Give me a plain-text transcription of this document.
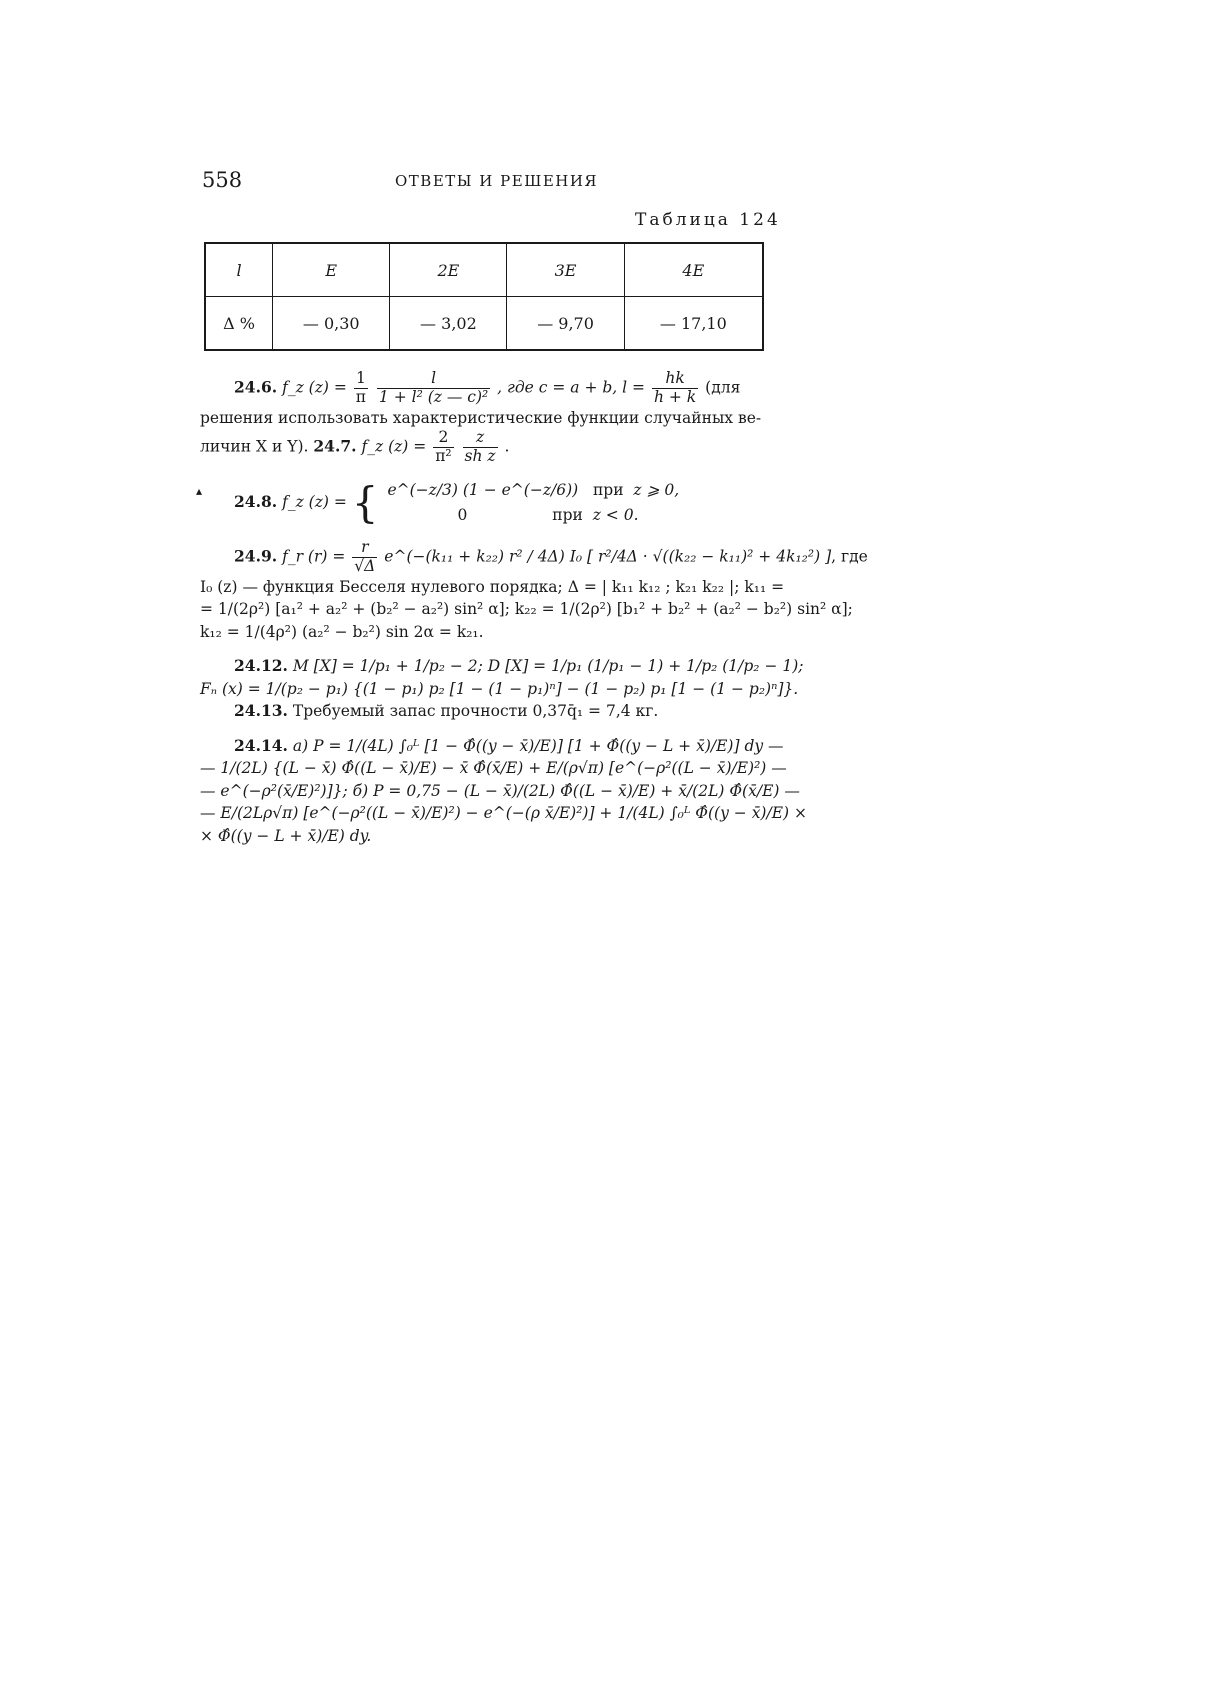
558	ОТВЕТЫ И РЕШЕНИЯ
Таблица 124
l	E	2E	3E	4E
Δ %	— 0,30	— 3,02	— 9,70	— 17,10
▴
24.6. f_z $(z) = \frac{1}{\pi}$
$\frac{l}{\text{1 + l² (z — c)²}}$ , где c = a + b, $l = \frac{hk}{h + k} (для$
решения использовать характеристические функции случайных ве-
личин X и Y). 24.7. f_z $(z) = \frac{2}{\text{π²}}$
$\frac{z}{\text{sh z}}$ .
24.8. f_z (z) = { e^(−z/3) (1 − e^(−z/6)) при z ⩾ 0,
0	при z < 0.
24.9. f_r $(r) = \frac{r}{√\Delta}$ e^(−(k₁₁ + k₂₂) r² / 4Δ) I₀ [ r²/4Δ · √((k₂₂ − k₁₁)² + 4k₁₂²) ], где
I₀ (z) — функция Бесселя нулевого порядка; Δ = | k₁₁ k₁₂ ; k₂₁ k₂₂ |; k₁₁ =
= 1/(2ρ²) [a₁² + a₂² + (b₂² − a₂²) sin² α]; k₂₂ = 1/(2ρ²) [b₁² + b₂² + (a₂² − b₂²) sin² α];
k₁₂ = 1/(4ρ²) (a₂² − b₂²) sin 2α = k₂₁.
24.12. M [X] = 1/p₁ + 1/p₂ − 2; D [X] = 1/p₁ (1/p₁ − 1) + 1/p₂ (1/p₂ − 1);
Fₙ (x) = 1/(p₂ − p₁) {(1 − p₁) p₂ [1 − (1 − p₁)ⁿ] − (1 − p₂) p₁ [1 − (1 − p₂)ⁿ]}.
24.13. Требуемый запас прочности 0,37q̄₁ = 7,4 кг.
24.14. а) P = 1/(4L) ∫₀ᴸ [1 − Φ̂((y − x̄)/E)] [1 + Φ̂((y − L + x̄)/E)] dy —
— 1/(2L) {(L − x̄) Φ̂((L − x̄)/E) − x̄ Φ̂(x̄/E) + E/(ρ√π) [e^(−ρ²((L − x̄)/E)²) —
— e^(−ρ²(x̄/E)²)]}; б) P = 0,75 − (L − x̄)/(2L) Φ̂((L − x̄)/E) + x̄/(2L) Φ̂(x̄/E) —
— E/(2Lρ√π) [e^(−ρ²((L − x̄)/E)²) − e^(−(ρ x̄/E)²)] + 1/(4L) ∫₀ᴸ Φ̂((y − x̄)/E) ×
× Φ̂((y − L + x̄)/E) dy.
